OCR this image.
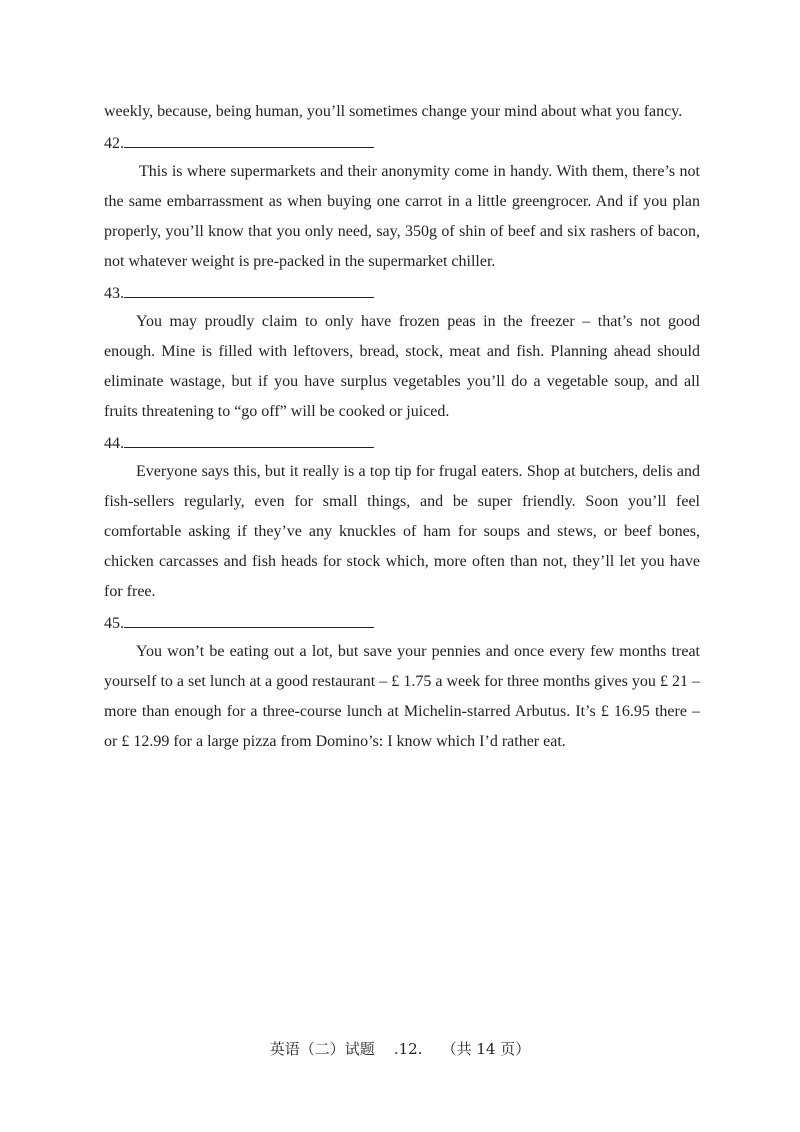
weekly, because, being human, you’ll sometimes change your mind about what you fancy.

42.

This is where supermarkets and their anonymity come in handy. With them, there’s not the same embarrassment as when buying one carrot in a little greengrocer. And if you plan properly, you’ll know that you only need, say, 350g of shin of beef and six rashers of bacon, not whatever weight is pre-packed in the supermarket chiller.

43.

You may proudly claim to only have frozen peas in the freezer – that’s not good enough. Mine is filled with leftovers, bread, stock, meat and fish. Planning ahead should eliminate wastage, but if you have surplus vegetables you’ll do a vegetable soup, and all fruits threatening to “go off” will be cooked or juiced.

44.

Everyone says this, but it really is a top tip for frugal eaters. Shop at butchers, delis and fish-sellers regularly, even for small things, and be super friendly. Soon you’ll feel comfortable asking if they’ve any knuckles of ham for soups and stews, or beef bones, chicken carcasses and fish heads for stock which, more often than not, they’ll let you have for free.

45.

You won’t be eating out a lot, but save your pennies and once every few months treat yourself to a set lunch at a good restaurant – £ 1.75 a week for three months gives you £ 21 – more than enough for a three-course lunch at Michelin-starred Arbutus. It’s £ 16.95 there – or £ 12.99 for a large pizza from Domino’s: I know which I’d rather eat.

英语（二）试题    .12.    （共 14 页）
